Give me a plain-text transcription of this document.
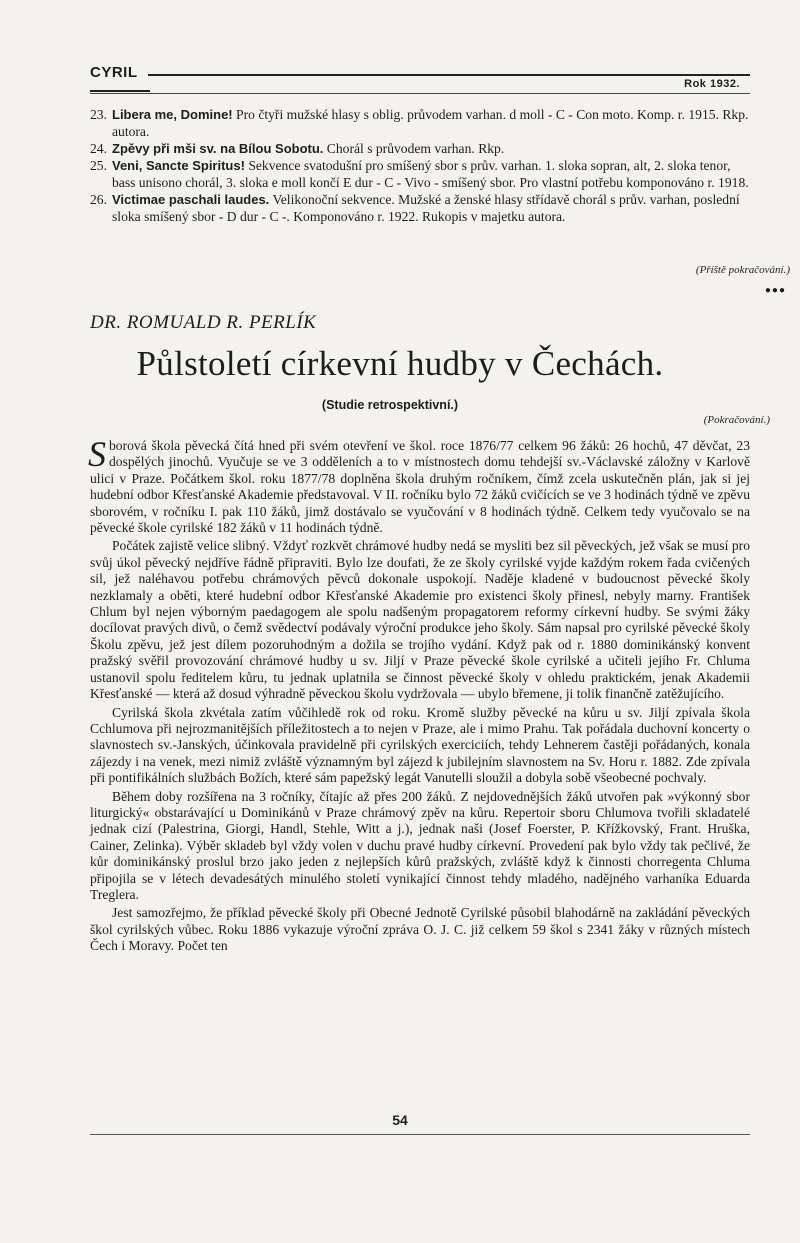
CYRIL
Rok 1932.
23. Libera me, Domine! Pro čtyři mužské hlasy s oblig. průvodem varhan. d moll - C - Con moto. Komp. r. 1915. Rkp. autora.
24. Zpěvy při mši sv. na Bílou Sobotu. Chorál s průvodem varhan. Rkp.
25. Veni, Sancte Spiritus! Sekvence svatodušní pro smíšený sbor s prův. varhan. 1. sloka sopran, alt, 2. sloka tenor, bass unisono chorál, 3. sloka e moll končí E dur - C - Vivo - smíšený sbor. Pro vlastní potřebu komponováno r. 1918.
26. Victimae paschali laudes. Velikonoční sekvence. Mužské a ženské hlasy střídavě chorál s prův. varhan, poslední sloka smíšený sbor - D dur - C -. Komponováno r. 1922. Rukopis v majetku autora.
(Příště pokračování.)
●●●
DR. ROMUALD R. PERLÍK
Půlstoletí církevní hudby v Čechách.
(Studie retrospektivní.)
(Pokračování.)

Sborová škola pěvecká čítá hned při svém otevření ve škol. roce 1876/77 celkem 96 žáků: 26 hochů, 47 děvčat, 23 dospělých jinochů. Vyučuje se ve 3 odděleních a to v místnostech domu tehdejší sv.-Václavské záložny v Karlově ulici v Praze. Počátkem škol. roku 1877/78 doplněna škola druhým ročníkem, čímž zcela uskutečněn plán, jak si jej hudební odbor Křesťanské Akademie představoval. V II. ročníku bylo 72 žáků cvičících se ve 3 hodinách týdně ve zpěvu sborovém, v ročníku I. pak 110 žáků, jimž dostávalo se vyučování v 8 hodinách týdně. Celkem tedy vyučovalo se na pěvecké škole cyrilské 182 žáků v 11 hodinách týdně.

Počátek zajistě velice slibný. Vždyť rozkvět chrámové hudby nedá se mysliti bez sil pěveckých, jež však se musí pro svůj úkol pěvecký nejdříve řádně připraviti. Bylo lze doufati, že ze školy cyrilské vyjde každým rokem řada cvičených sil, jež naléhavou potřebu chrámových pěvců dokonale uspokojí. Naděje kladené v budoucnost pěvecké školy nezklamaly a oběti, které hudební odbor Křesťanské Akademie pro existenci školy přinesl, nebyly marny. František Chlum byl nejen výborným paedagogem ale spolu nadšeným propagatorem reformy církevní hudby. Se svými žáky docílovat pravých divů, o čemž svědectví podávaly výroční produkce jeho školy. Sám napsal pro cyrilské pěvecké školy Školu zpěvu, jež jest dílem pozoruhodným a dožila se trojího vydání. Když pak od r. 1880 dominikánský konvent pražský svěřil provozování chrámové hudby u sv. Jiljí v Praze pěvecké škole cyrilské a učiteli jejího Fr. Chluma ustanovil spolu ředitelem kůru, tu jednak uplatnila se činnost pěvecké školy v ohledu praktickém, jenak Akademii Křesťanské — která až dosud výhradně pěveckou školu vydržovala — ubylo břemene, ji tolik finančně zatěžujícího.

Cyrilská škola zkvétala zatím vůčihledě rok od roku. Kromě služby pěvecké na kůru u sv. Jiljí zpívala škola Cchlumova při nejrozmanitějších příležitostech a to nejen v Praze, ale i mimo Prahu. Tak pořádala duchovní koncerty o slavnostech sv.-Janských, účinkovala pravidelně při cyrilských exerciciích, tehdy Lehnerem častěji pořádaných, konala zájezdy i na venek, mezi nimiž zvláště významným byl zájezd k jubilejním slavnostem na Sv. Horu r. 1882. Zde zpívala při pontifikálních službách Božích, které sám papežský legát Vanutelli sloužil a dobyla sobě všeobecné pochvaly.

Během doby rozšířena na 3 ročníky, čítajíc až přes 200 žáků. Z nejdovednějších žáků utvořen pak »výkonný sbor liturgický« obstarávající u Dominikánů v Praze chrámový zpěv na kůru. Repertoir sboru Chlumova tvořili skladatelé jednak cizí (Palestrina, Giorgi, Handl, Stehle, Witt a j.), jednak naši (Josef Foerster, P. Křížkovský, Frant. Hruška, Cainer, Zelinka). Výběr skladeb byl vždy volen v duchu pravé hudby církevní. Provedení pak bylo vždy tak pečlivé, že kůr dominikánský proslul brzo jako jeden z nejlepších kůrů pražských, zvláště když k činnosti chorregenta Chluma připojila se v létech devadesátých minulého století vynikající činnost tehdy mladého, nadějného varhaníka Eduarda Treglera.

Jest samozřejmo, že příklad pěvecké školy při Obecné Jednotě Cyrilské působil blahodárně na zakládání pěveckých škol cyrilských vůbec. Roku 1886 vykazuje výroční zpráva O. J. C. již celkem 59 škol s 2341 žáky v různých místech Čech i Moravy. Počet ten

54
